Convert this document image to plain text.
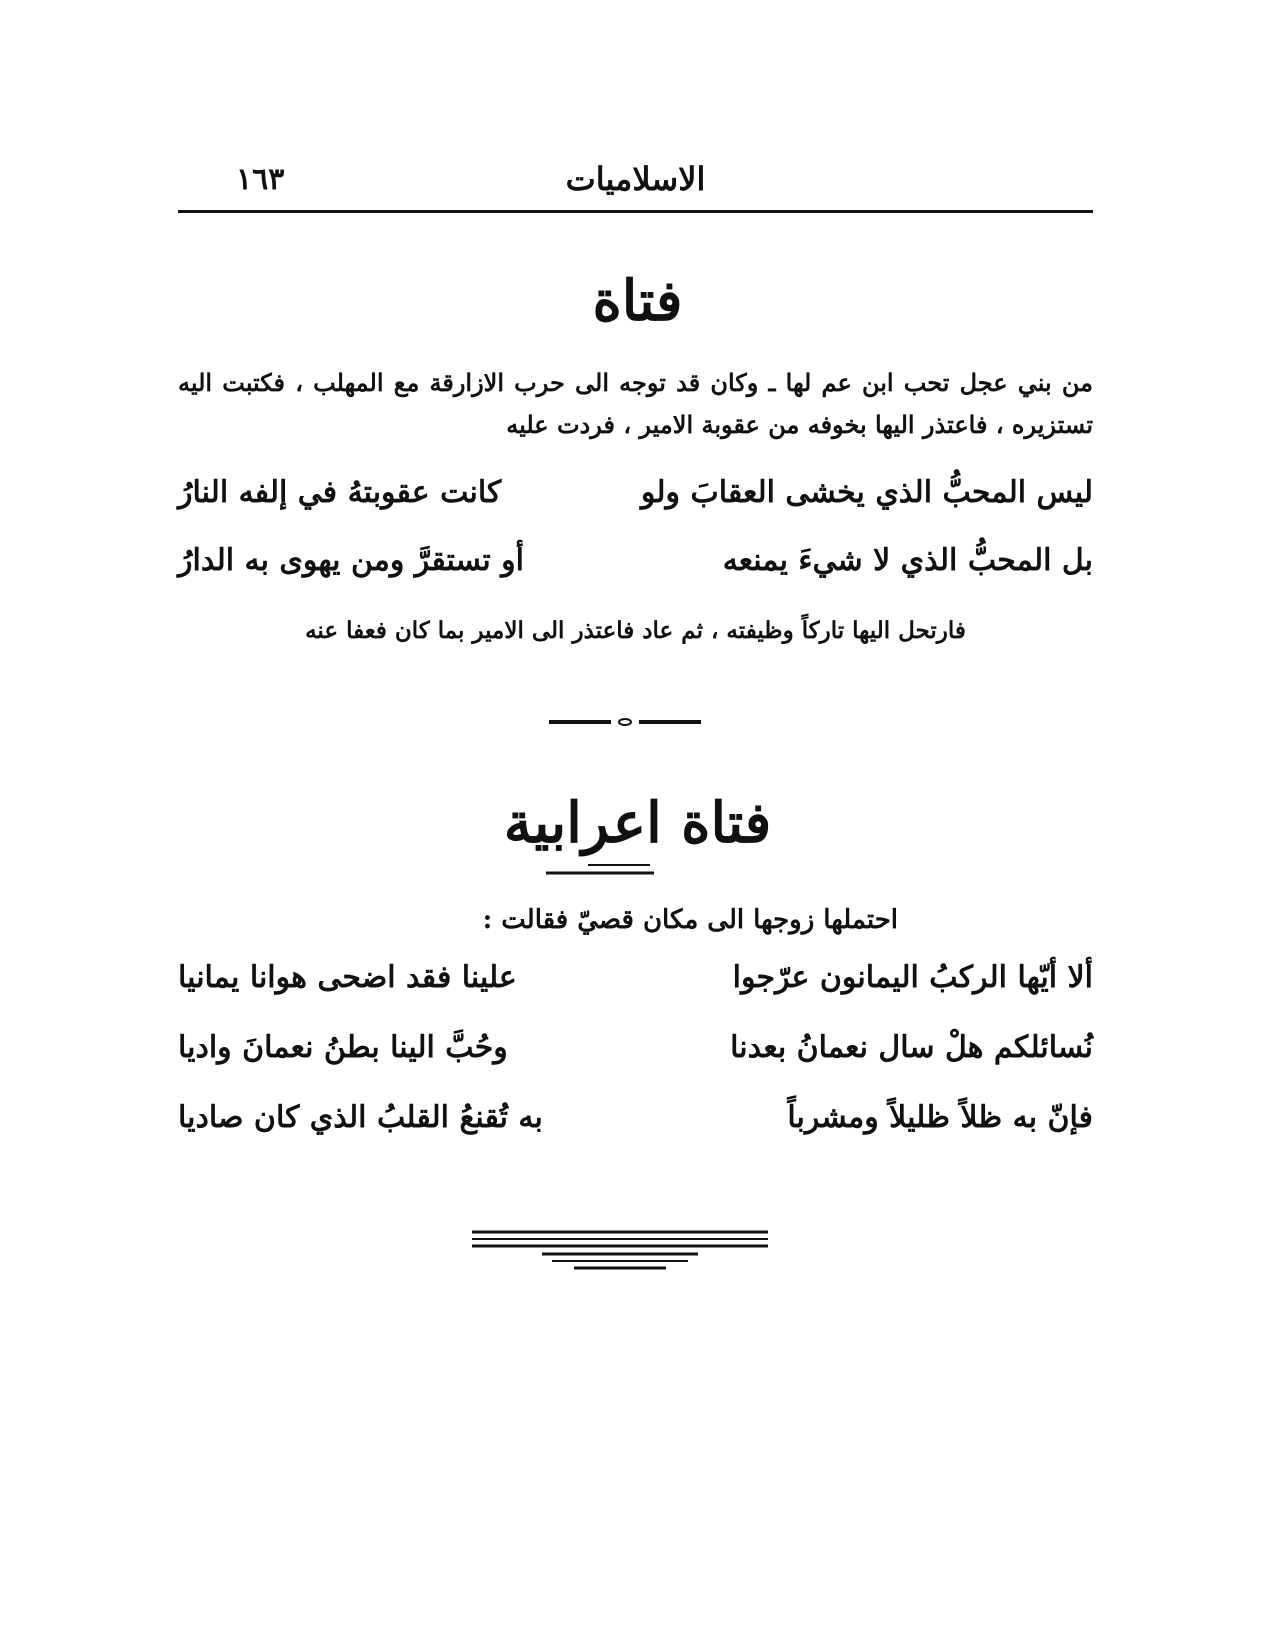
الاسلاميات
١٦٣
فتاة
من بني عجل تحب ابن عم لها ـ وكان قد توجه الى حرب الازارقة مع المهلب ، فكتبت اليه تستزيره ، فاعتذر اليها بخوفه من عقوبة الامير ، فردت عليه
ليس المحبُّ الذي يخشى العقابَ ولو
كانت عقوبتهُ في إلفه النارُ
بل المحبُّ الذي لا شيءَ يمنعه
أو تستقرَّ ومن يهوى به الدارُ
فارتحل اليها تاركاً وظيفته ، ثم عاد فاعتذر الى الامير بما كان فعفا عنه
فتاة اعرابية
احتملها زوجها الى مكان قصيّ فقالت :
ألا أيّها الركبُ اليمانون عرّجوا
علينا فقد اضحى هوانا يمانيا
نُسائلكم هلْ سال نعمانُ بعدنا
وحُبَّ الينا بطنُ نعمانَ واديا
فإنّ به ظلاً ظليلاً ومشرباً
به تُقنعُ القلبُ الذي كان صاديا
